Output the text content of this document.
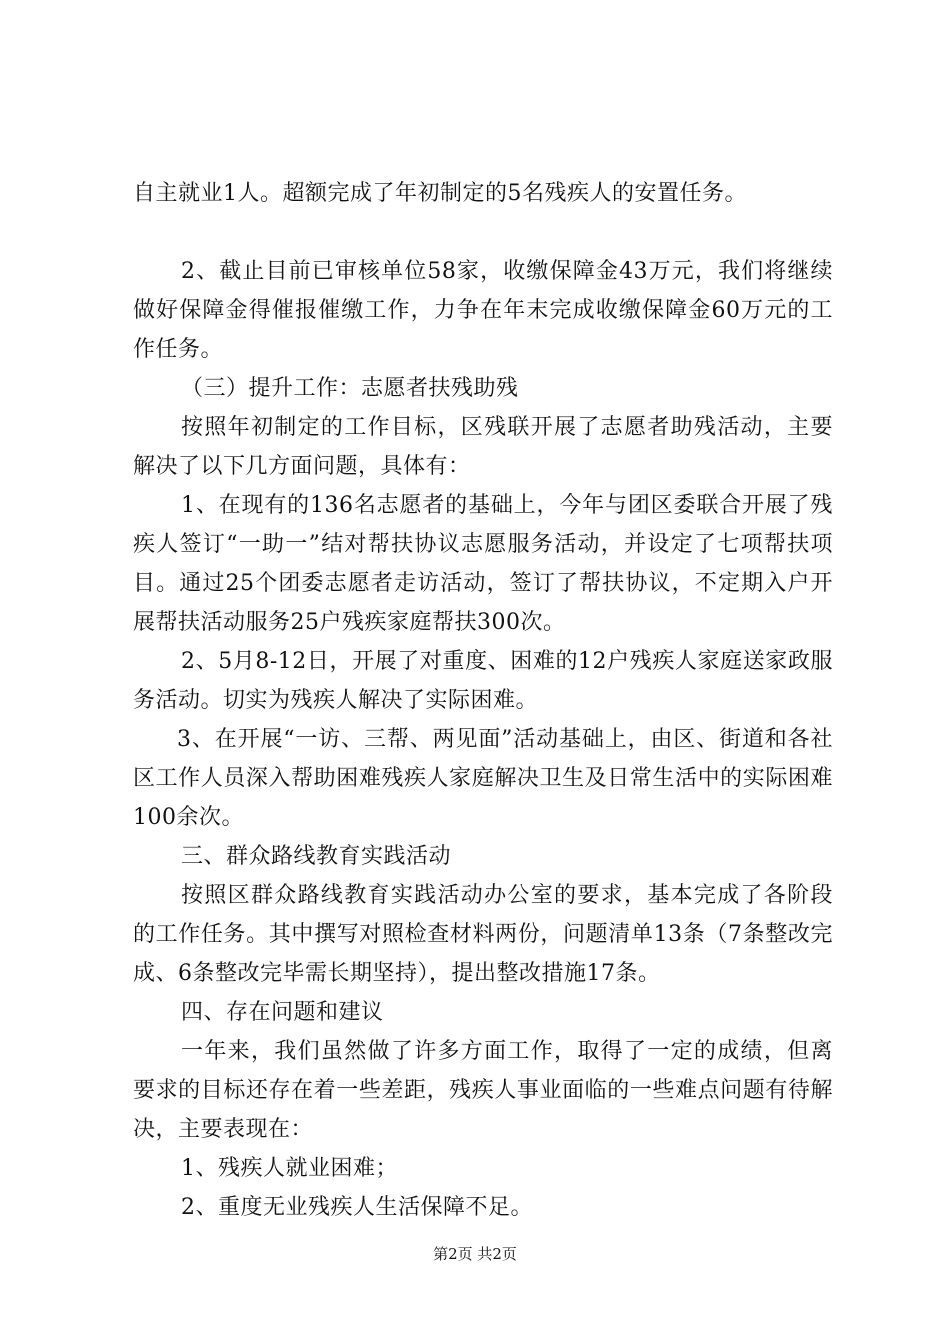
自主就业1人。超额完成了年初制定的5名残疾人的安置任务。

2、截止目前已审核单位58家，收缴保障金43万元，我们将继续做好保障金得催报催缴工作，力争在年末完成收缴保障金60万元的工作任务。

（三）提升工作：志愿者扶残助残

按照年初制定的工作目标，区残联开展了志愿者助残活动，主要解决了以下几方面问题，具体有：

1、在现有的136名志愿者的基础上，今年与团区委联合开展了残疾人签订“一助一”结对帮扶协议志愿服务活动，并设定了七项帮扶项目。通过25个团委志愿者走访活动，签订了帮扶协议，不定期入户开展帮扶活动服务25户残疾家庭帮扶300次。

2、5月8-12日，开展了对重度、困难的12户残疾人家庭送家政服务活动。切实为残疾人解决了实际困难。

3、在开展“一访、三帮、两见面”活动基础上，由区、街道和各社区工作人员深入帮助困难残疾人家庭解决卫生及日常生活中的实际困难100余次。

三、群众路线教育实践活动

按照区群众路线教育实践活动办公室的要求，基本完成了各阶段的工作任务。其中撰写对照检查材料两份，问题清单13条（7条整改完成、6条整改完毕需长期坚持），提出整改措施17条。

四、存在问题和建议

一年来，我们虽然做了许多方面工作，取得了一定的成绩，但离要求的目标还存在着一些差距，残疾人事业面临的一些难点问题有待解决，主要表现在：

1、残疾人就业困难；

2、重度无业残疾人生活保障不足。

第2页 共2页
